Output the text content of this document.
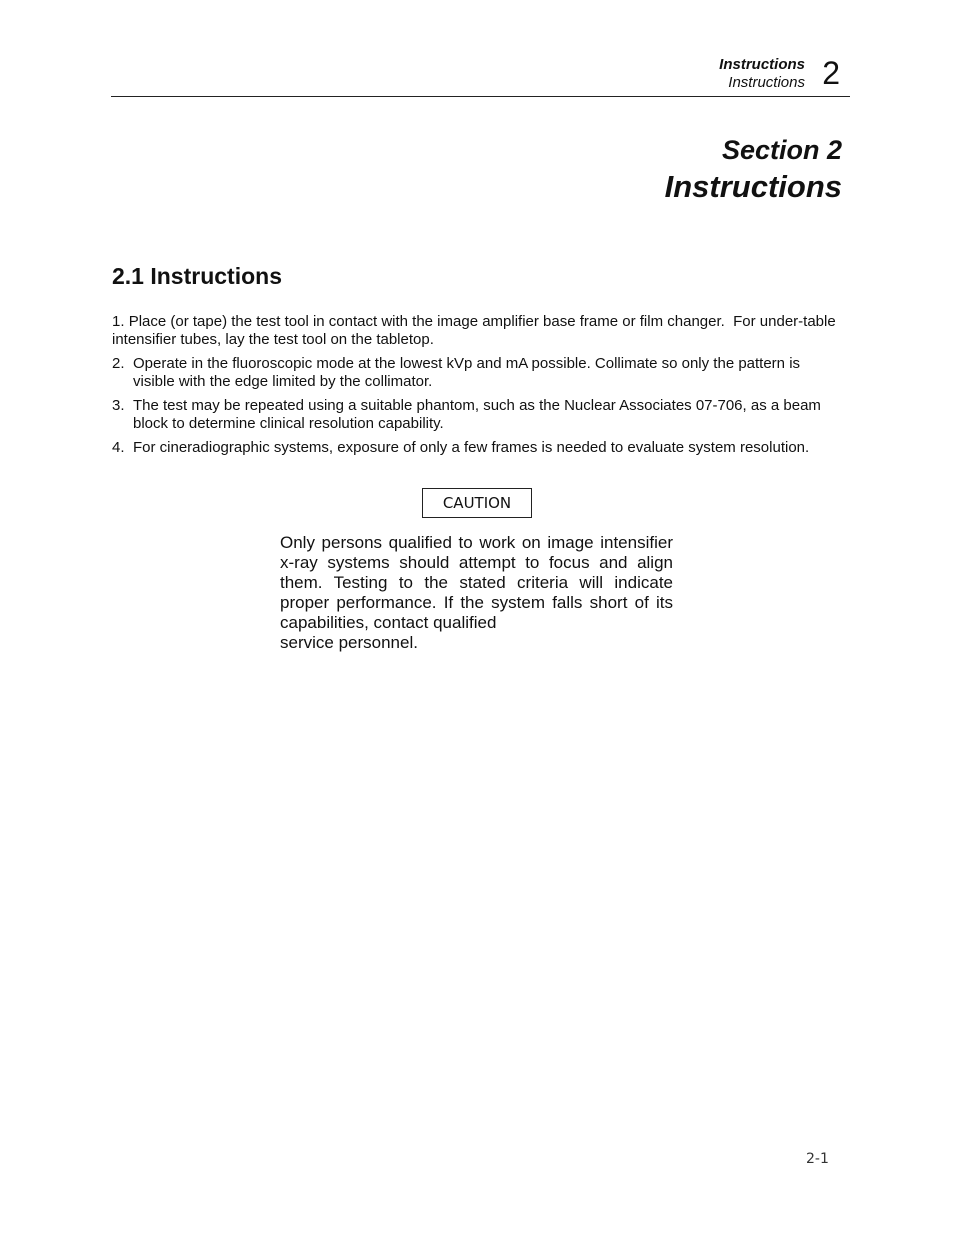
Instructions
Instructions 2
Section 2
Instructions
2.1 Instructions
1. Place (or tape) the test tool in contact with the image amplifier base frame or film changer.  For under-table     intensifier tubes, lay the test tool on the tabletop.
2. Operate in the fluoroscopic mode at the lowest kVp and mA possible. Collimate so only the pattern is visible with the edge limited by the collimator.
3. The test may be repeated using a suitable phantom, such as the Nuclear Associates 07-706, as a beam block to determine clinical resolution capability.
4. For cineradiographic systems, exposure of only a few frames is needed to evaluate system resolution.
CAUTION
Only persons qualified to work on image intensifier x-ray systems should attempt to focus and align them. Testing to the stated criteria will indicate proper performance. If the system falls short of its capabilities, contact qualified
service personnel.
2-1
